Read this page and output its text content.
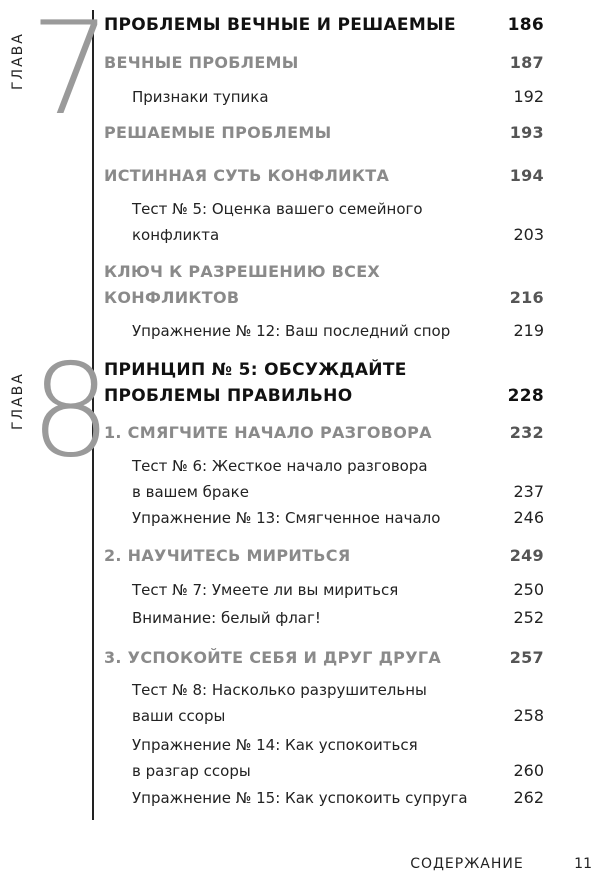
ГЛАВА 7
ГЛАВА 8
ПРОБЛЕМЫ ВЕЧНЫЕ И РЕШАЕМЫЕ	186
ВЕЧНЫЕ ПРОБЛЕМЫ	187
Признаки тупика	192
РЕШАЕМЫЕ ПРОБЛЕМЫ	193
ИСТИННАЯ СУТЬ КОНФЛИКТА	194
Тест № 5: Оценка вашего семейного
конфликта	203
КЛЮЧ К РАЗРЕШЕНИЮ ВСЕХ
КОНФЛИКТОВ	216
Упражнение № 12: Ваш последний спор	219
ПРИНЦИП № 5: ОБСУЖДАЙТЕ
ПРОБЛЕМЫ ПРАВИЛЬНО	228
1. СМЯГЧИТЕ НАЧАЛО РАЗГОВОРА	232
Тест № 6: Жесткое начало разговора
в вашем браке	237
Упражнение № 13: Смягченное начало	246
2. НАУЧИТЕСЬ МИРИТЬСЯ	249
Тест № 7: Умеете ли вы мириться	250
Внимание: белый флаг!	252
3. УСПОКОЙТЕ СЕБЯ И ДРУГ ДРУГА	257
Тест № 8: Насколько разрушительны
ваши ссоры	258
Упражнение № 14: Как успокоиться
в разгар ссоры	260
Упражнение № 15: Как успокоить супруга	262
СОДЕРЖАНИЕ	11
